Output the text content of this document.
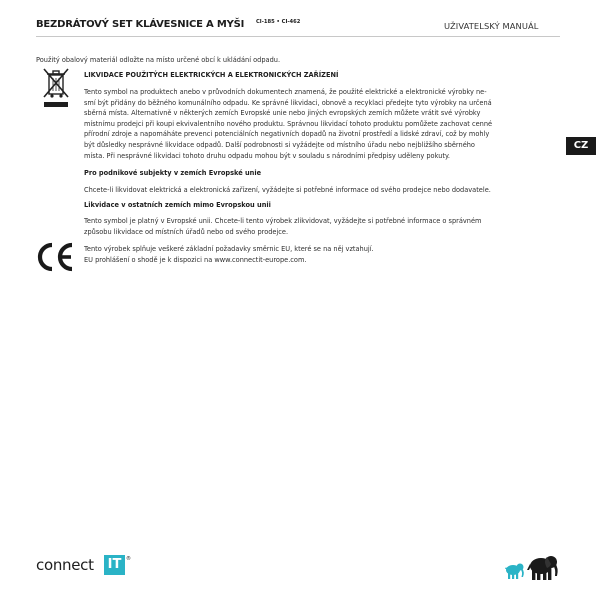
BEZDRÁTOVÝ SET KLÁVESNICE A MYŠI CI-185 • CI-462	UŽIVATELSKÝ MANUÁL
Použitý obalový materiál odložte na místo určené obcí k ukládání odpadu.
LIKVIDACE POUŽITÝCH ELEKTRICKÝCH A ELEKTRONICKÝCH ZAŘÍZENÍ
Tento symbol na produktech anebo v průvodních dokumentech znamená, že použité elektrické a elektronické výrobky ne-
smí být přidány do běžného komunálního odpadu. Ke správné likvidaci, obnově a recyklaci předejte tyto výrobky na určená
sběrná místa. Alternativně v některých zemích Evropské unie nebo jiných evropských zemích můžete vrátit své výrobky
místnímu prodejci při koupi ekvivalentního nového produktu. Správnou likvidací tohoto produktu pomůžete zachovat cenné
přírodní zdroje a napomáháte prevenci potenciálních negativních dopadů na životní prostředí a lidské zdraví, což by mohly
být důsledky nesprávné likvidace odpadů. Další podrobnosti si vyžádejte od místního úřadu nebo nejbližšího sběrného
místa. Při nesprávné likvidaci tohoto druhu odpadu mohou být v souladu s národními předpisy uděleny pokuty.
Pro podnikové subjekty v zemích Evropské unie
Chcete-li likvidovat elektrická a elektronická zařízení, vyžádejte si potřebné informace od svého prodejce nebo dodavatele.
Likvidace v ostatních zemích mimo Evropskou unii
Tento symbol je platný v Evropské unii. Chcete-li tento výrobek zlikvidovat, vyžádejte si potřebné informace o správném
způsobu likvidace od místních úřadů nebo od svého prodejce.
Tento výrobek splňuje veškeré základní požadavky směrnic EU, které se na něj vztahují.
EU prohlášení o shodě je k dispozici na www.connectit-europe.com.
CZ
connect IT ®
